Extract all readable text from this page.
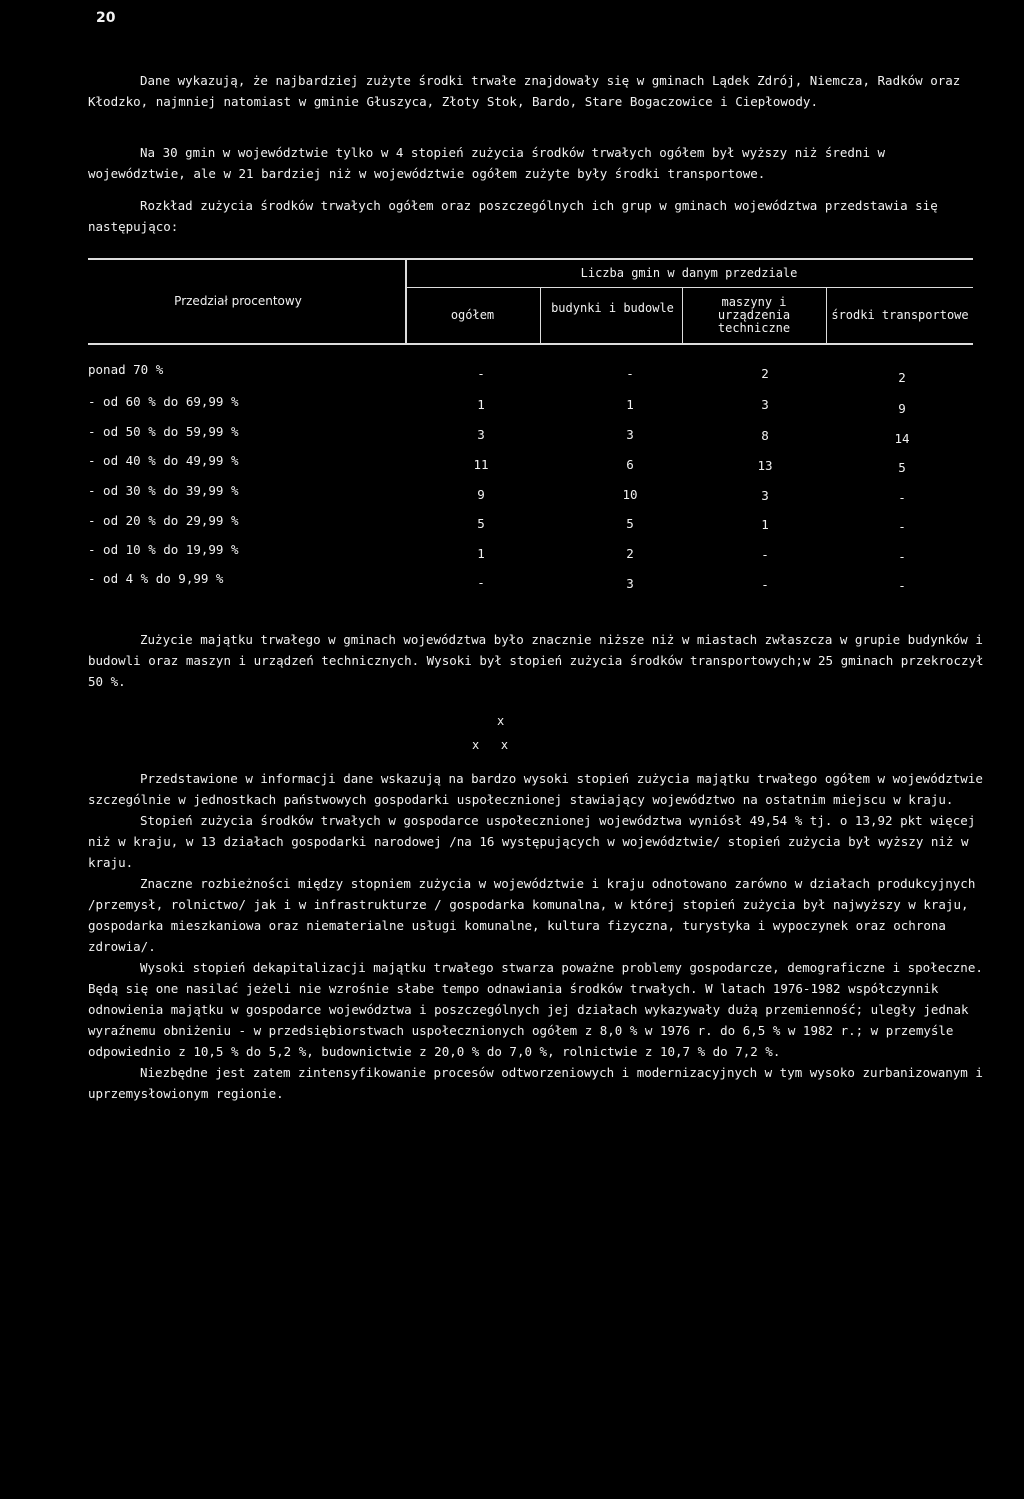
20

Dane wykazują, że najbardziej zużyte środki trwałe znajdowały się w gminach Lądek Zdrój, Niemcza, Radków oraz Kłodzko, najmniej natomiast w gminie Głuszyca, Złoty Stok, Bardo, Stare Bogaczowice i Ciepłowody.

Na 30 gmin w województwie tylko w 4 stopień zużycia środków trwałych ogółem był wyższy niż średni w województwie, ale w 21 bardziej niż w województwie ogółem zużyte były środki transportowe.

Rozkład zużycia środków trwałych ogółem oraz poszczególnych ich grup w gminach województwa przedstawia się następująco:

Przedział procentowy
Liczba gmin w danym przedziale
ogółem	budynki i budowle	maszyny i urządzenia techniczne
środki transportowe
ponad 70 %	-	-	2	2
- od 60 % do 69,99 %	1	1	3	9
- od 50 % do 59,99 %	3	3	8	14
- od 40 % do 49,99 %	11	6	13	5
- od 30 % do 39,99 %	9	10	3	-
- od 20 % do 29,99 %	5	5	1	-
- od 10 % do 19,99 %	1	2	-	-
- od 4 % do 9,99 %	-	3	-	-

Zużycie majątku trwałego w gminach województwa było znacznie niższe niż w miastach zwłaszcza w grupie budynków i budowli oraz maszyn i urządzeń technicznych. Wysoki był stopień zużycia środków transportowych;w 25 gminach przekroczył 50 %.

x
x   x

Przedstawione w informacji dane wskazują na bardzo wysoki stopień zużycia majątku trwałego ogółem w województwie szczególnie w jednostkach państwowych gospodarki uspołecznionej stawiający województwo na ostatnim miejscu w kraju.

Stopień zużycia środków trwałych w gospodarce uspołecznionej województwa wyniósł 49,54 % tj. o 13,92 pkt więcej niż w kraju, w 13 działach gospodarki narodowej /na 16 występujących w województwie/ stopień zużycia był wyższy niż w kraju.

Znaczne rozbieżności między stopniem zużycia w województwie i kraju odnotowano zarówno w działach produkcyjnych /przemysł, rolnictwo/ jak i w infrastrukturze / gospodarka komunalna, w której stopień zużycia był najwyższy w kraju, gospodarka mieszkaniowa oraz niematerialne usługi komunalne, kultura fizyczna, turystyka i wypoczynek oraz ochrona zdrowia/.

Wysoki stopień dekapitalizacji majątku trwałego stwarza poważne problemy gospodarcze, demograficzne i społeczne. Będą się one nasilać jeżeli nie wzrośnie słabe tempo odnawiania środków trwałych. W latach 1976-1982 współczynnik odnowienia majątku w gospodarce województwa i poszczególnych jej działach wykazywały dużą przemienność; uległy jednak wyraźnemu obniżeniu - w przedsiębiorstwach uspołecznionych ogółem z 8,0 % w 1976 r. do 6,5 % w 1982 r.; w przemyśle odpowiednio z 10,5 % do 5,2 %, budownictwie z 20,0 % do 7,0 %, rolnictwie z 10,7 % do 7,2 %.

Niezbędne jest zatem zintensyfikowanie procesów odtworzeniowych i modernizacyjnych w tym wysoko zurbanizowanym i uprzemysłowionym regionie.
